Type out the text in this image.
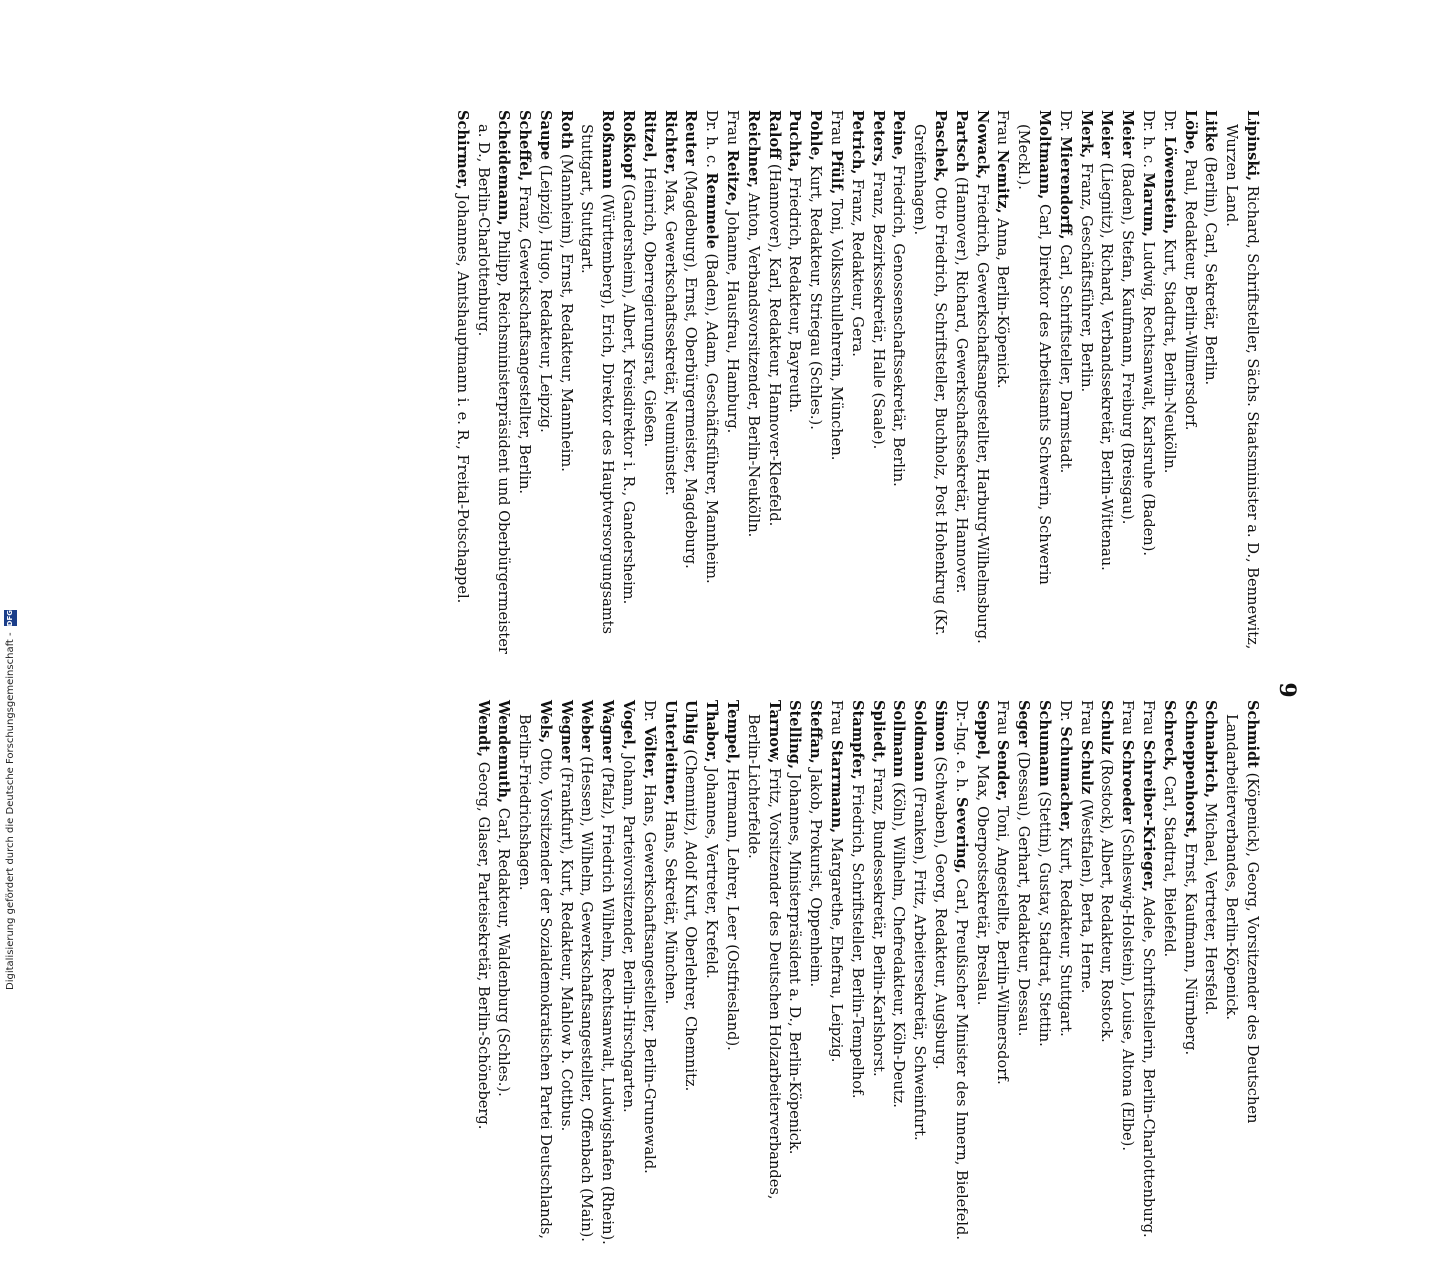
9

Lipinski, Richard, Schriftsteller, Sächs. Staatsminister a. D., Bennewitz, Wurzen Land.

Litke (Berlin), Carl, Sekretär, Berlin.

Löbe, Paul, Redakteur, Berlin-Wilmersdorf.

Dr. Löwenstein, Kurt, Stadtrat, Berlin-Neukölln.

Dr. h. c. Marum, Ludwig, Rechtsanwalt, Karlsruhe (Baden).

Meier (Baden), Stefan, Kaufmann, Freiburg (Breisgau).

Meier (Liegnitz), Richard, Verbandssekretär, Berlin-Wittenau.

Merk, Franz, Geschäftsführer, Berlin.

Dr. Mierendorff, Carl, Schriftsteller, Darmstadt.

Moltmann, Carl, Direktor des Arbeitsamts Schwerin, Schwerin (Meckl.).

Frau Nemitz, Anna, Berlin-Köpenick.

Nowack, Friedrich, Gewerkschaftsangestellter, Harburg-Wilhelmsburg.

Partsch (Hannover), Richard, Gewerkschaftssekretär, Hannover.

Paschek, Otto Friedrich, Schriftsteller, Buchholz, Post Hohenkrug (Kr. Greifenhagen).

Peine, Friedrich, Genossenschaftssekretär, Berlin.

Peters, Franz, Bezirkssekretär, Halle (Saale).

Petrich, Franz, Redakteur, Gera.

Frau Pfülf, Toni, Volksschullehrerin, München.

Pohle, Kurt, Redakteur, Striegau (Schles.).

Puchta, Friedrich, Redakteur, Bayreuth.

Raloff (Hannover), Karl, Redakteur, Hannover-Kleefeld.

Reichner, Anton, Verbandsvorsitzender, Berlin-Neukölln.

Frau Reitze, Johanne, Hausfrau, Hamburg.

Dr. h. c. Remmele (Baden), Adam, Geschäftsführer, Mannheim.

Reuter (Magdeburg), Ernst, Oberbürgermeister, Magdeburg.

Richter, Max, Gewerkschaftssekretär, Neumünster.

Ritzel, Heinrich, Oberregierungsrat, Gießen.

Roßkopf (Gandersheim), Albert, Kreisdirektor i. R., Gandersheim.

Roßmann (Württemberg), Erich, Direktor des Hauptversorgungsamts Stuttgart, Stuttgart.

Roth (Mannheim), Ernst, Redakteur, Mannheim.

Saupe (Leipzig), Hugo, Redakteur, Leipzig.

Scheffel, Franz, Gewerkschaftsangestellter, Berlin.

Scheidemann, Philipp, Reichsministerpräsident und Oberbürgermeister a. D., Berlin-Charlottenburg.

Schirmer, Johannes, Amtshauptmann i. e. R., Freital-Potschappel.

Schmidt (Köpenick), Georg, Vorsitzender des Deutschen Landarbeiterverbandes, Berlin-Köpenick.

Schnabrich, Michael, Vertreter, Hersfeld.

Schneppenhorst, Ernst, Kaufmann, Nürnberg.

Schreck, Carl, Stadtrat, Bielefeld.

Frau Schreiber-Krieger, Adele, Schriftstellerin, Berlin-Charlottenburg.

Frau Schroeder (Schleswig-Holstein), Louise, Altona (Elbe).

Schulz (Rostock), Albert, Redakteur, Rostock.

Frau Schulz (Westfalen), Berta, Herne.

Dr. Schumacher, Kurt, Redakteur, Stuttgart.

Schumann (Stettin), Gustav, Stadtrat, Stettin.

Seger (Dessau), Gerhart, Redakteur, Dessau.

Frau Sender, Toni, Angestellte, Berlin-Wilmersdorf.

Seppel, Max, Oberpostsekretär, Breslau.

Dr.-Ing. e. h. Severing, Carl, Preußischer Minister des Innern, Bielefeld.

Simon (Schwaben), Georg, Redakteur, Augsburg.

Soldmann (Franken), Fritz, Arbeitersekretär, Schweinfurt.

Sollmann (Köln), Wilhelm, Chefredakteur, Köln-Deutz.

Spliedt, Franz, Bundessekretär, Berlin-Karlshorst.

Stampfer, Friedrich, Schriftsteller, Berlin-Tempelhof.

Frau Starrmann, Margarethe, Ehefrau, Leipzig.

Steffan, Jakob, Prokurist, Oppenheim.

Stelling, Johannes, Ministerpräsident a. D., Berlin-Köpenick.

Tarnow, Fritz, Vorsitzender des Deutschen Holzarbeiterverbandes, Berlin-Lichterfelde.

Tempel, Hermann, Lehrer, Leer (Ostfriesland).

Thabor, Johannes, Vertreter, Krefeld.

Uhlig (Chemnitz), Adolf Kurt, Oberlehrer, Chemnitz.

Unterleitner, Hans, Sekretär, München.

Dr. Völter, Hans, Gewerkschaftsangestellter, Berlin-Grunewald.

Vogel, Johann, Parteivorsitzender, Berlin-Hirschgarten.

Wagner (Pfalz), Friedrich Wilhelm, Rechtsanwalt, Ludwigshafen (Rhein).

Weber (Hessen), Wilhelm, Gewerkschaftsangestellter, Offenbach (Main).

Wegner (Frankfurt), Kurt, Redakteur, Mahlow b. Cottbus.

Wels, Otto, Vorsitzender der Sozialdemokratischen Partei Deutschlands, Berlin-Friedrichshagen.

Wendemuth, Carl, Redakteur, Waldenburg (Schles.).

Wendt, Georg, Glaser, Parteisekretär, Berlin-Schöneberg.

Digitalisierung gefördert durch die Deutsche Forschungsgemeinschaft -
DFG
